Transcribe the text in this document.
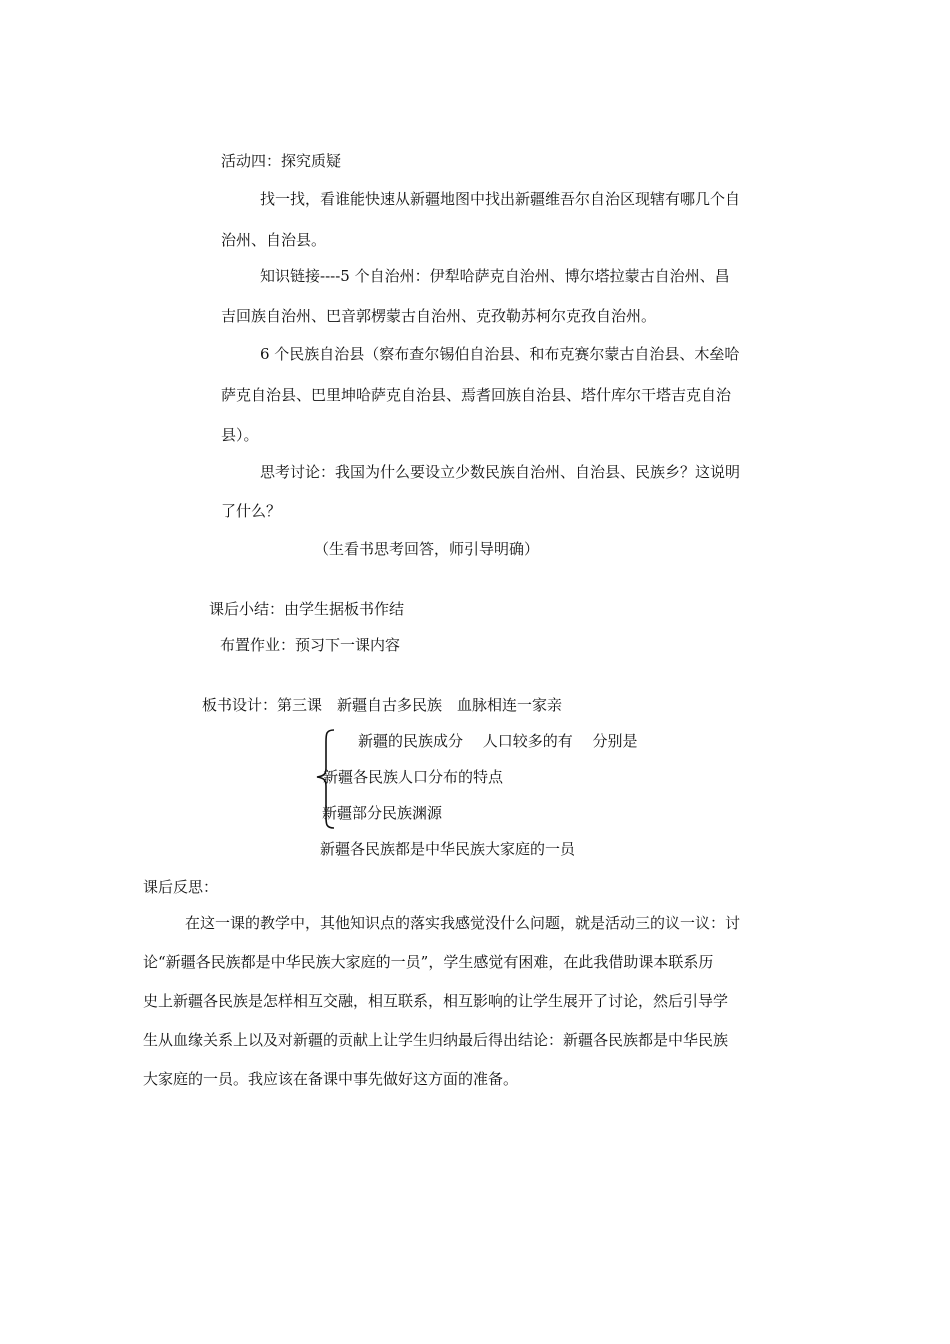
活动四：探究质疑
找一找，看谁能快速从新疆地图中找出新疆维吾尔自治区现辖有哪几个自
治州、自治县。
知识链接----5 个自治州：伊犁哈萨克自治州、博尔塔拉蒙古自治州、昌
吉回族自治州、巴音郭楞蒙古自治州、克孜勒苏柯尔克孜自治州。
6 个民族自治县（察布查尔锡伯自治县、和布克赛尔蒙古自治县、木垒哈
萨克自治县、巴里坤哈萨克自治县、焉耆回族自治县、塔什库尔干塔吉克自治
县）。
思考讨论：我国为什么要设立少数民族自治州、自治县、民族乡？这说明
了什么？
（生看书思考回答，师引导明确）
课后小结：由学生据板书作结
布置作业：预习下一课内容
板书设计：第三课　新疆自古多民族　血脉相连一家亲
新疆的民族成分　 人口较多的有　 分别是
新疆各民族人口分布的特点
新疆部分民族渊源
新疆各民族都是中华民族大家庭的一员
课后反思：
在这一课的教学中，其他知识点的落实我感觉没什么问题，就是活动三的议一议：讨
论“新疆各民族都是中华民族大家庭的一员”，学生感觉有困难，在此我借助课本联系历
史上新疆各民族是怎样相互交融，相互联系，相互影响的让学生展开了讨论，然后引导学
生从血缘关系上以及对新疆的贡献上让学生归纳最后得出结论：新疆各民族都是中华民族
大家庭的一员。我应该在备课中事先做好这方面的准备。
